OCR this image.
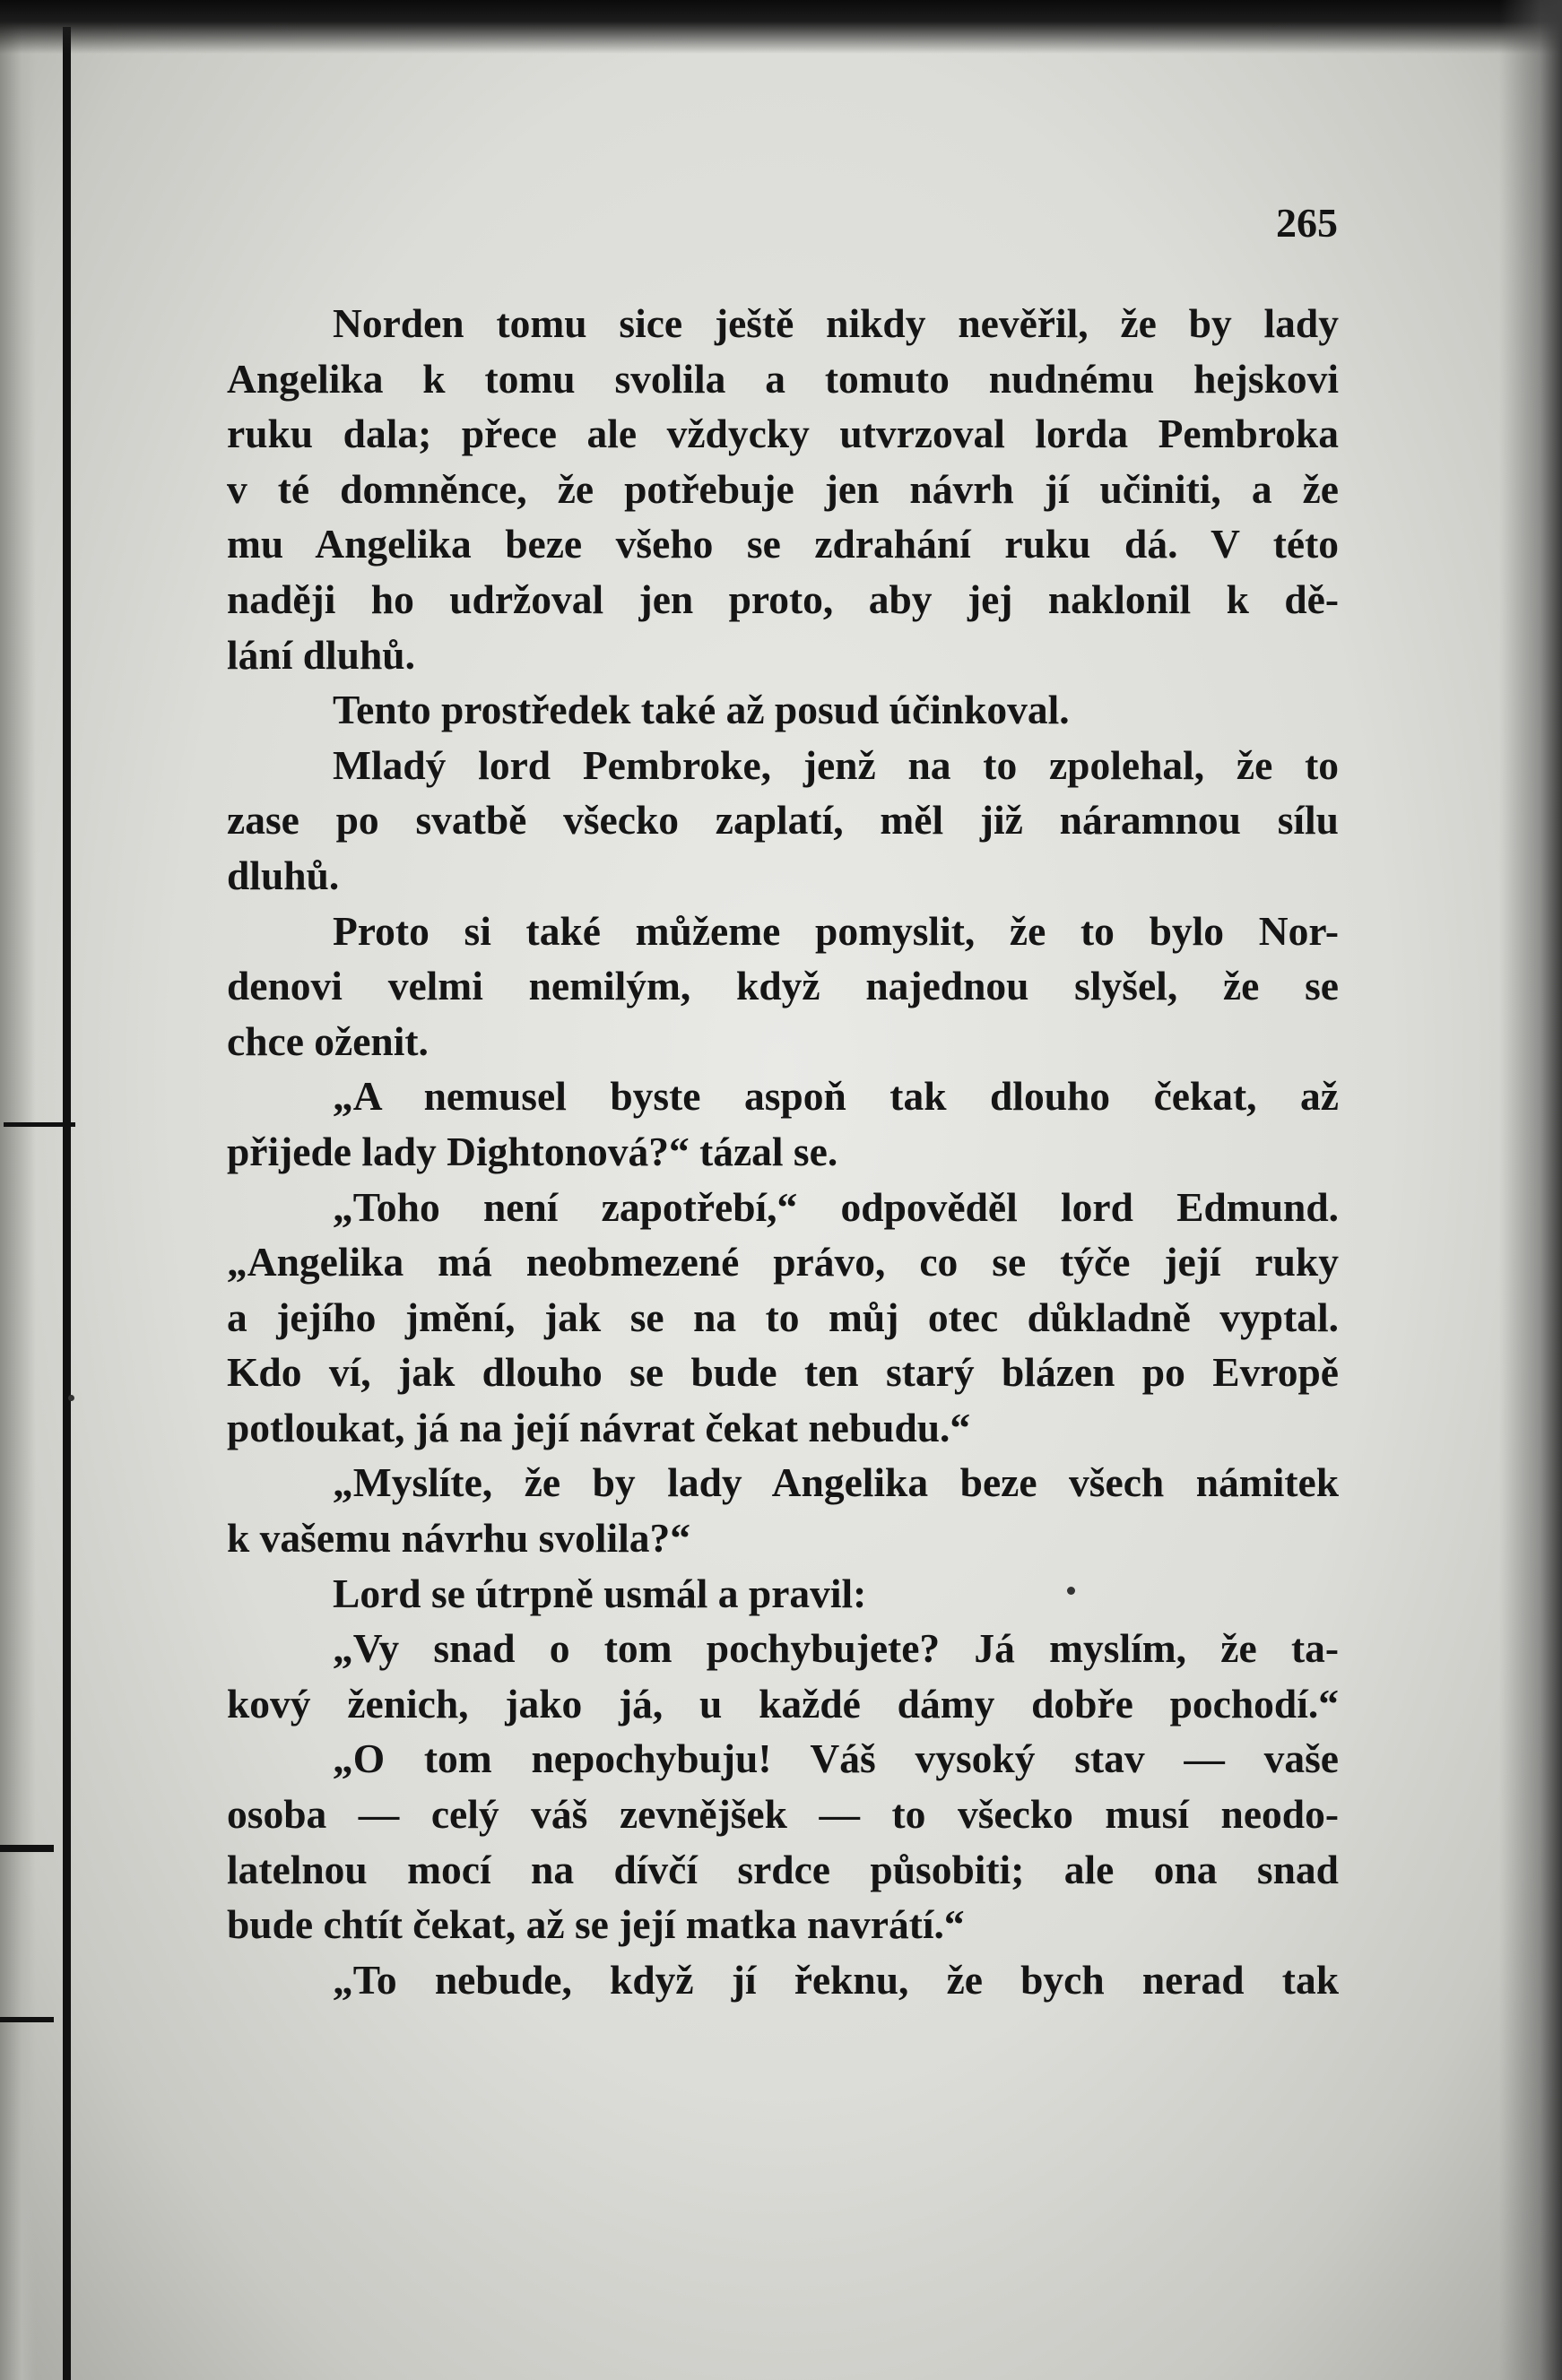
265
Norden tomu sice ještě nikdy nevěřil, že by lady
Angelika k tomu svolila a tomuto nudnému hejskovi
ruku dala; přece ale vždycky utvrzoval lorda Pembroka
v té domněnce, že potřebuje jen návrh jí učiniti, a že
mu Angelika beze všeho se zdrahání ruku dá. V této
naději ho udržoval jen proto, aby jej naklonil k dě-
lání dluhů.
Tento prostředek také až posud účinkoval.
Mladý lord Pembroke, jenž na to zpolehal, že to
zase po svatbě všecko zaplatí, měl již náramnou sílu
dluhů.
Proto si také můžeme pomyslit, že to bylo Nor-
denovi velmi nemilým, když najednou slyšel, že se
chce oženit.
„A nemusel byste aspoň tak dlouho čekat, až
přijede lady Dightonová?“ tázal se.
„Toho není zapotřebí,“ odpověděl lord Edmund.
„Angelika má neobmezené právo, co se týče její ruky
a jejího jmění, jak se na to můj otec důkladně vyptal.
Kdo ví, jak dlouho se bude ten starý blázen po Evropě
potloukat, já na její návrat čekat nebudu.“
„Myslíte, že by lady Angelika beze všech námitek
k vašemu návrhu svolila?“
Lord se útrpně usmál a pravil:
„Vy snad o tom pochybujete? Já myslím, že ta-
kový ženich, jako já, u každé dámy dobře pochodí.“
„O tom nepochybuju! Váš vysoký stav — vaše
osoba — celý váš zevnějšek — to všecko musí neodo-
latelnou mocí na dívčí srdce působiti; ale ona snad
bude chtít čekat, až se její matka navrátí.“
„To nebude, když jí řeknu, že bych nerad tak
